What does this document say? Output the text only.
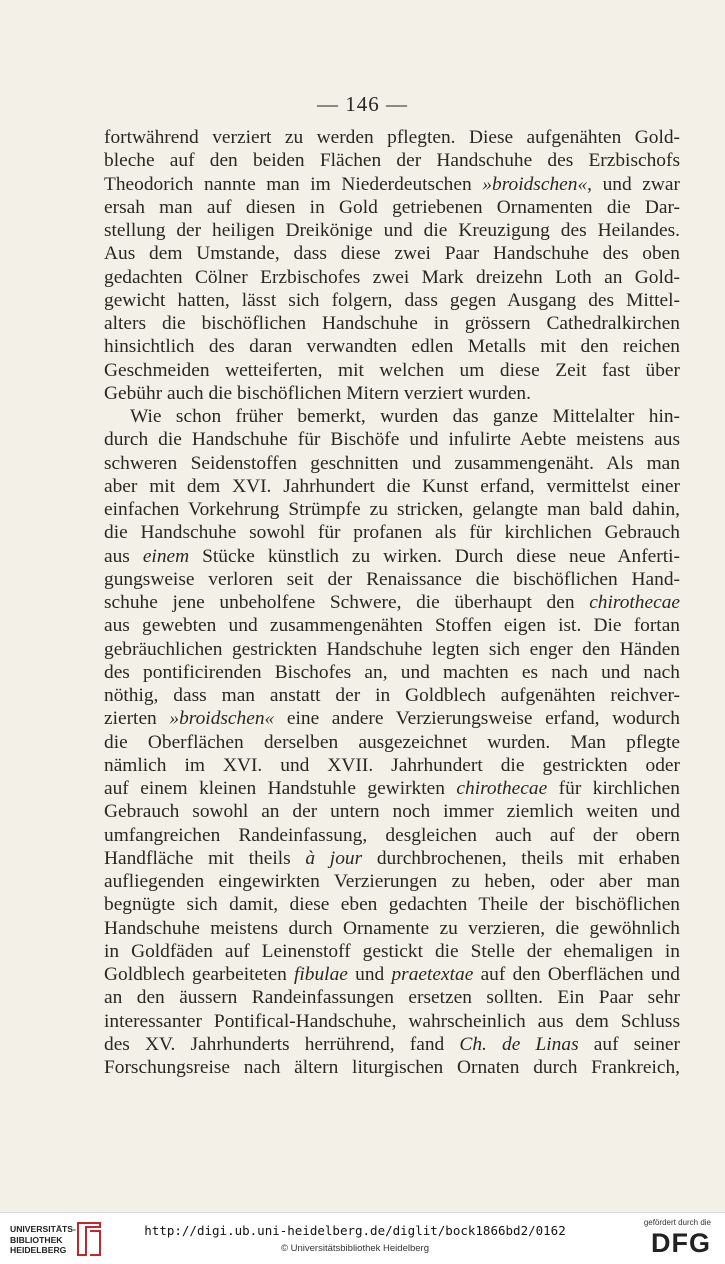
— 146 —
fortwährend verziert zu werden pflegten. Diese aufgenähten Gold-
bleche auf den beiden Flächen der Handschuhe des Erzbischofs
Theodorich nannte man im Niederdeutschen »broidschen«, und zwar
ersah man auf diesen in Gold getriebenen Ornamenten die Dar-
stellung der heiligen Dreikönige und die Kreuzigung des Heilandes.
Aus dem Umstande, dass diese zwei Paar Handschuhe des oben
gedachten Cölner Erzbischofes zwei Mark dreizehn Loth an Gold-
gewicht hatten, lässt sich folgern, dass gegen Ausgang des Mittel-
alters die bischöflichen Handschuhe in grössern Cathedralkirchen
hinsichtlich des daran verwandten edlen Metalls mit den reichen
Geschmeiden wetteiferten, mit welchen um diese Zeit fast über
Gebühr auch die bischöflichen Mitern verziert wurden.
Wie schon früher bemerkt, wurden das ganze Mittelalter hin-
durch die Handschuhe für Bischöfe und infulirte Aebte meistens aus
schweren Seidenstoffen geschnitten und zusammengenäht. Als man
aber mit dem XVI. Jahrhundert die Kunst erfand, vermittelst einer
einfachen Vorkehrung Strümpfe zu stricken, gelangte man bald dahin,
die Handschuhe sowohl für profanen als für kirchlichen Gebrauch
aus einem Stücke künstlich zu wirken. Durch diese neue Anferti-
gungsweise verloren seit der Renaissance die bischöflichen Hand-
schuhe jene unbeholfene Schwere, die überhaupt den chirothecae
aus gewebten und zusammengenähten Stoffen eigen ist. Die fortan
gebräuchlichen gestrickten Handschuhe legten sich enger den Händen
des pontificirenden Bischofes an, und machten es nach und nach
nöthig, dass man anstatt der in Goldblech aufgenähten reichver-
zierten »broidschen« eine andere Verzierungsweise erfand, wodurch
die Oberflächen derselben ausgezeichnet wurden. Man pflegte
nämlich im XVI. und XVII. Jahrhundert die gestrickten oder
auf einem kleinen Handstuhle gewirkten chirothecae für kirchlichen
Gebrauch sowohl an der untern noch immer ziemlich weiten und
umfangreichen Randeinfassung, desgleichen auch auf der obern
Handfläche mit theils à jour durchbrochenen, theils mit erhaben
aufliegenden eingewirkten Verzierungen zu heben, oder aber man
begnügte sich damit, diese eben gedachten Theile der bischöflichen
Handschuhe meistens durch Ornamente zu verzieren, die gewöhnlich
in Goldfäden auf Leinenstoff gestickt die Stelle der ehemaligen in
Goldblech gearbeiteten fibulae und praetextae auf den Oberflächen und
an den äussern Randeinfassungen ersetzen sollten. Ein Paar sehr
interessanter Pontifical-Handschuhe, wahrscheinlich aus dem Schluss
des XV. Jahrhunderts herrührend, fand Ch. de Linas auf seiner
Forschungsreise nach ältern liturgischen Ornaten durch Frankreich,
UNIVERSITÄTS-
BIBLIOTHEK
HEIDELBERG
http://digi.ub.uni-heidelberg.de/diglit/bock1866bd2/0162
© Universitätsbibliothek Heidelberg
gefördert durch die
DFG
